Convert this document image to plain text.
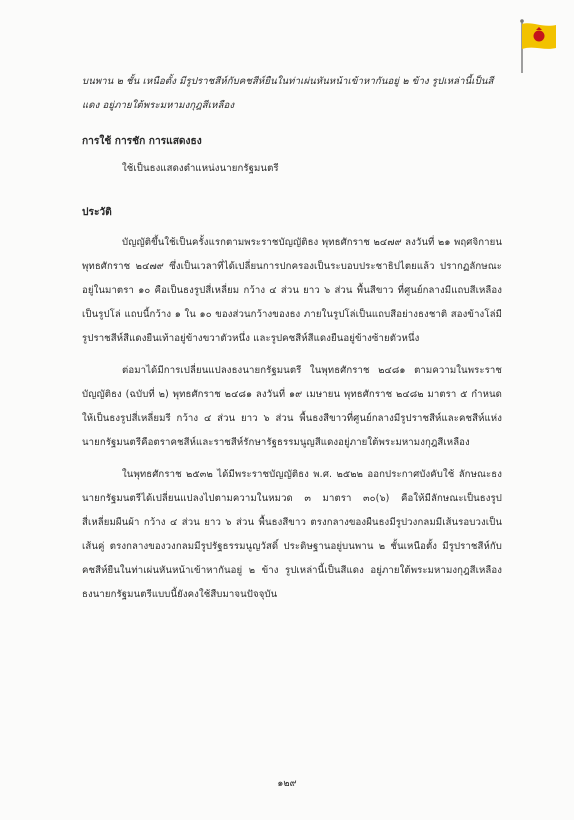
บนพาน ๒ ชั้น เหนือตั้ง มีรูปราชสีห์กับคชสีห์ยืนในท่าเผ่นหันหน้าเข้าหากันอยู่ ๒ ข้าง รูปเหล่านี้เป็นสีแดง อยู่ภายใต้พระมหามงกุฎสีเหลือง

การใช้ การชัก การแสดงธง
ใช้เป็นธงแสดงตำแหน่งนายกรัฐมนตรี
ประวัติ

บัญญัติขึ้นใช้เป็นครั้งแรกตามพระราชบัญญัติธง พุทธศักราช ๒๔๗๙ ลงวันที่ ๒๑ พฤศจิกายน พุทธศักราช ๒๔๗๙ ซึ่งเป็นเวลาที่ได้เปลี่ยนการปกครองเป็นระบอบประชาธิปไตยแล้ว ปรากฏลักษณะอยู่ในมาตรา ๑๐ คือเป็นธงรูปสี่เหลี่ยม กว้าง ๔ ส่วน ยาว ๖ ส่วน พื้นสีขาว ที่ศูนย์กลางมีแถบสีเหลืองเป็นรูปโล่ แถบนี้กว้าง ๑ ใน ๑๐ ของส่วนกว้างของธง ภายในรูปโล่เป็นแถบสีอย่างธงชาติ สองข้างโล่มีรูปราชสีห์สีแดงยืนเท้าอยู่ข้างขวาตัวหนึ่ง และรูปคชสีห์สีแดงยืนอยู่ข้างซ้ายตัวหนึ่ง

ต่อมาได้มีการเปลี่ยนแปลงธงนายกรัฐมนตรี ในพุทธศักราช ๒๔๘๑ ตามความในพระราชบัญญัติธง (ฉบับที่ ๒) พุทธศักราช ๒๔๘๑ ลงวันที่ ๑๙ เมษายน พุทธศักราช ๒๔๘๒ มาตรา ๕ กำหนดให้เป็นธงรูปสี่เหลี่ยมรี กว้าง ๔ ส่วน ยาว ๖ ส่วน พื้นธงสีขาวที่ศูนย์กลางมีรูปราชสีห์และคชสีห์แห่งนายกรัฐมนตรีคือตราคชสีห์และราชสีห์รักษารัฐธรรมนูญสีแดงอยู่ภายใต้พระมหามงกุฎสีเหลือง

ในพุทธศักราช ๒๕๓๒ ได้มีพระราชบัญญัติธง พ.ศ. ๒๕๒๒ ออกประกาศบังคับใช้ ลักษณะธงนายกรัฐมนตรีได้เปลี่ยนแปลงไปตามความในหมวด ๓ มาตรา ๓๐(๖) คือให้มีลักษณะเป็นธงรูปสี่เหลี่ยมผืนผ้า กว้าง ๔ ส่วน ยาว ๖ ส่วน พื้นธงสีขาว ตรงกลางของผืนธงมีรูปวงกลมมีเส้นรอบวงเป็นเส้นคู่ ตรงกลางของวงกลมมีรูปรัฐธรรมนูญวัสดิ์ ประดิษฐานอยู่บนพาน ๒ ชั้นเหนือตั้ง มีรูปราชสีห์กับคชสีห์ยืนในท่าเผ่นหันหน้าเข้าหากันอยู่ ๒ ข้าง รูปเหล่านี้เป็นสีแดง อยู่ภายใต้พระมหามงกุฎสีเหลือง ธงนายกรัฐมนตรีแบบนี้ยังคงใช้สืบมาจนปัจจุบัน

๑๒๙
